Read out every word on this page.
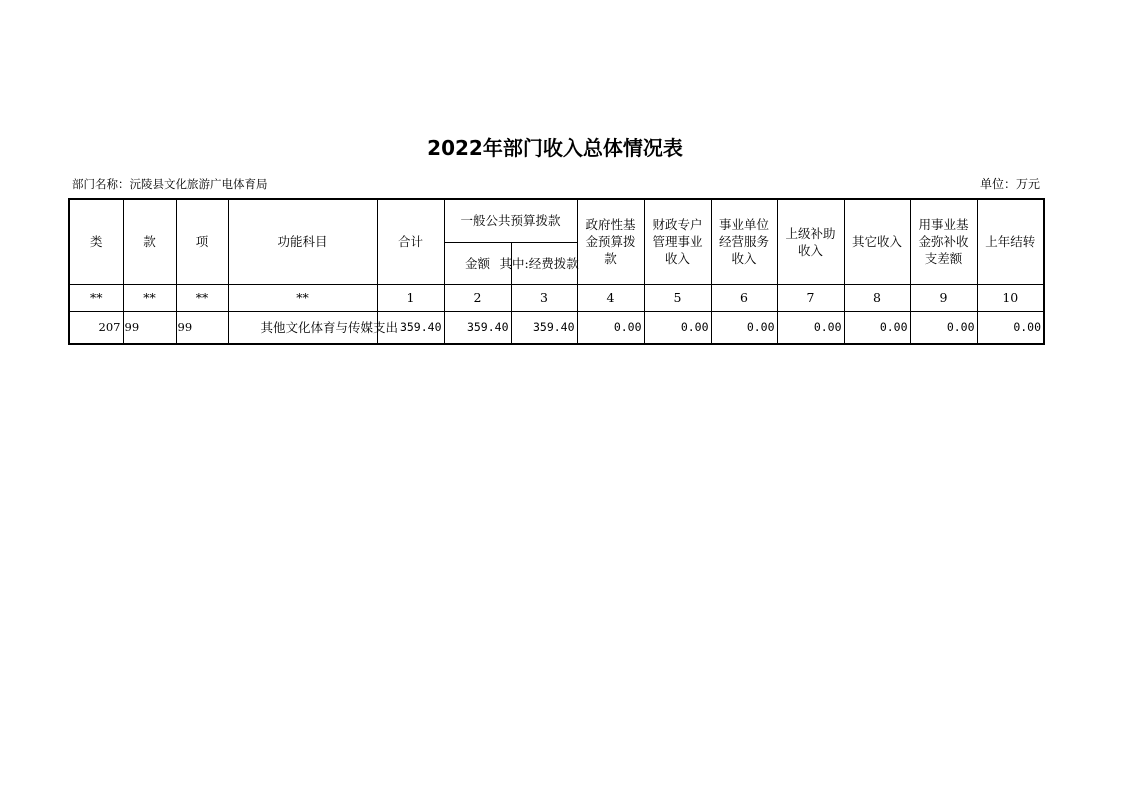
2022年部门收入总体情况表
部门名称：沅陵县文化旅游广电体育局	单位：万元
类	款	项	功能科目	合计	一般公共预算拨款		政府性基金预算拨款	财政专户管理事业收入	事业单位经营服务收入	上级补助收入	其它收入	用事业基金弥补收支差额	上年结转
					金额	其中:经费拨款							

**	**	**	**	1	2	3	4	5	6	7	8	9	10
207	99	99	其他文化体育与传媒支出	359.40	359.40	359.40	0.00	0.00	0.00	0.00	0.00	0.00	0.00
